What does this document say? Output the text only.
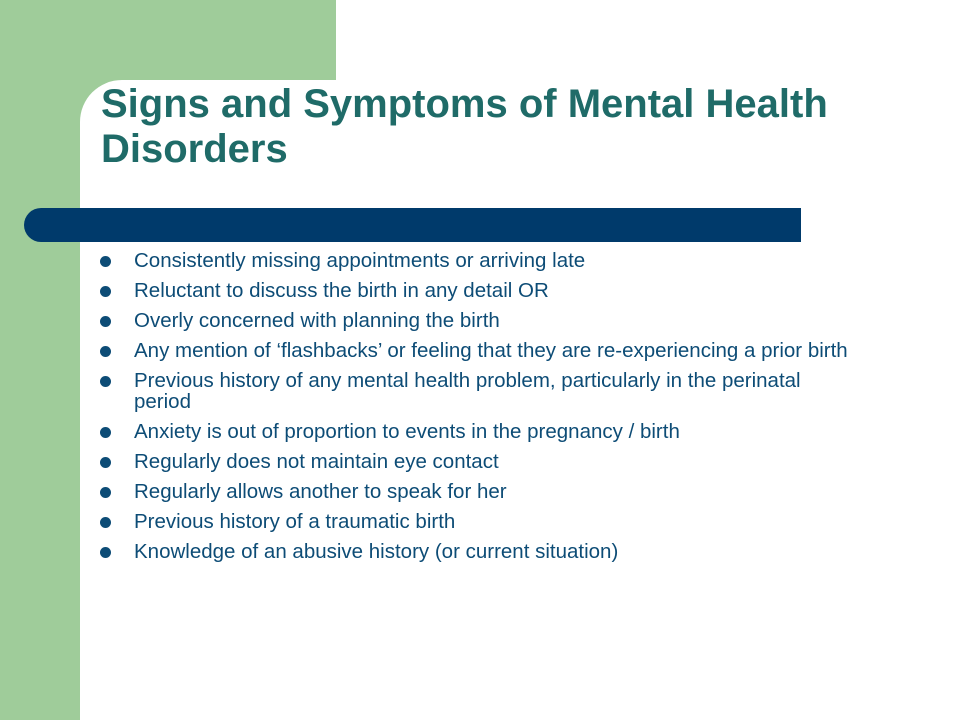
Signs and Symptoms of Mental Health Disorders
Consistently missing appointments or arriving late
Reluctant to discuss the birth in any detail OR
Overly concerned with planning the birth
Any mention of ‘flashbacks’ or feeling that they are re-experiencing a prior birth
Previous history of any mental health problem, particularly in the perinatal period
Anxiety is out of proportion to events in the pregnancy / birth
Regularly does not maintain eye contact
Regularly allows another to speak for her
Previous history of a traumatic birth
Knowledge of an abusive history (or current situation)
